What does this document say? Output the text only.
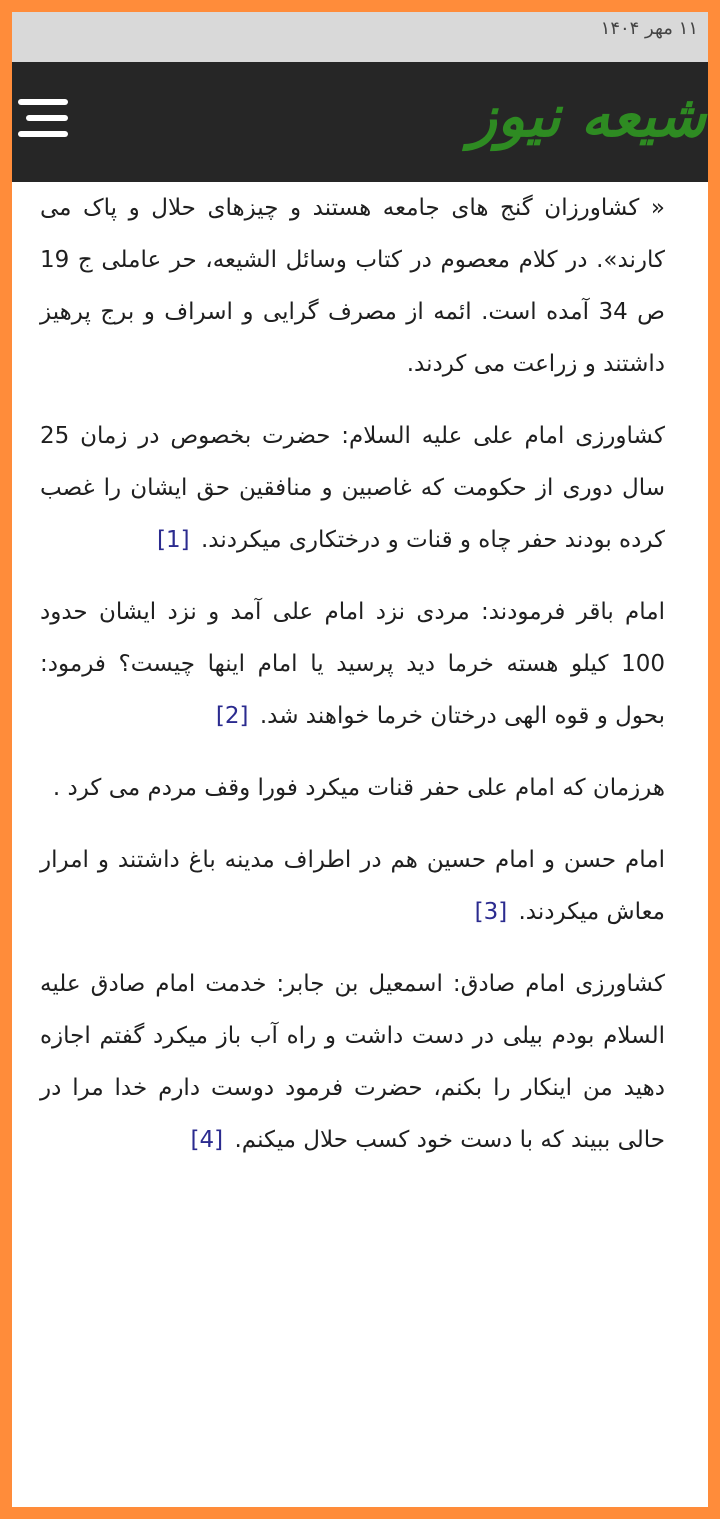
۱۱ مهر ۱۴۰۴
شیعه نیوز

« کشاورزان گنج های جامعه هستند و چیزهای حلال و پاک می کارند». در کلام معصوم در کتاب وسائل الشیعه، حر عاملی ج 19 ص 34 آمده است. ائمه از مصرف گرایی و اسراف و برج پرهیز داشتند و زراعت می کردند.

کشاورزی امام علی علیه السلام: حضرت بخصوص در زمان 25 سال دوری از حکومت که غاصبین و منافقین حق ایشان را غصب کرده بودند حفر چاه و قنات و درختکاری میکردند. [1]

امام باقر فرمودند: مردی نزد امام علی آمد و نزد ایشان حدود 100 کیلو هسته خرما دید پرسید یا امام اینها چیست؟ فرمود: بحول و قوه الهی درختان خرما خواهند شد. [2]

هرزمان که امام علی حفر قنات میکرد فورا وقف مردم می کرد .

امام حسن و امام حسین هم در اطراف مدینه باغ داشتند و امرار معاش میکردند. [3]

کشاورزی امام صادق: اسمعیل بن جابر: خدمت امام صادق علیه السلام بودم بیلی در دست داشت و راه آب باز میکرد گفتم اجازه دهید من اینکار را بکنم، حضرت فرمود دوست دارم خدا مرا در حالی ببیند که با دست خود کسب حلال میکنم. [4]
